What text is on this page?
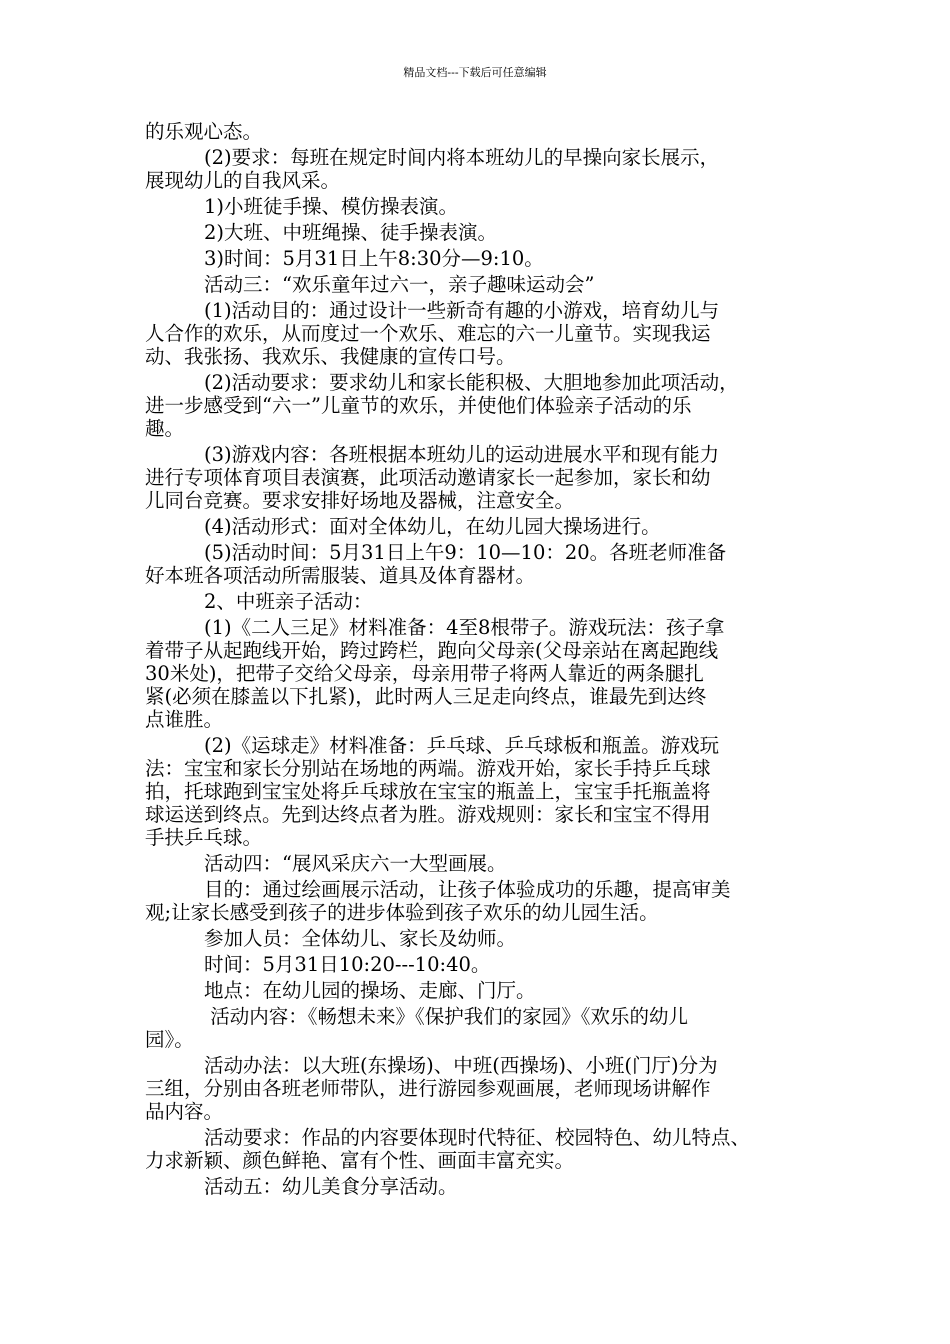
精品文档---下载后可任意编辑
的乐观心态。
(2)要求：每班在规定时间内将本班幼儿的早操向家长展示，
展现幼儿的自我风采。
1)小班徒手操、模仿操表演。
2)大班、中班绳操、徒手操表演。
3)时间：5月31日上午8:30分—9:10。
活动三：“欢乐童年过六一，亲子趣味运动会”
(1)活动目的：通过设计一些新奇有趣的小游戏，培育幼儿与
人合作的欢乐，从而度过一个欢乐、难忘的六一儿童节。实现我运
动、我张扬、我欢乐、我健康的宣传口号。
(2)活动要求：要求幼儿和家长能积极、大胆地参加此项活动，
进一步感受到“六一”儿童节的欢乐，并使他们体验亲子活动的乐
趣。
(3)游戏内容：各班根据本班幼儿的运动进展水平和现有能力
进行专项体育项目表演赛，此项活动邀请家长一起参加，家长和幼
儿同台竞赛。要求安排好场地及器械，注意安全。
(4)活动形式：面对全体幼儿，在幼儿园大操场进行。
(5)活动时间：5月31日上午9：10—10：20。各班老师准备
好本班各项活动所需服装、道具及体育器材。
2、中班亲子活动：
(1)《二人三足》材料准备：4至8根带子。游戏玩法：孩子拿
着带子从起跑线开始，跨过跨栏，跑向父母亲(父母亲站在离起跑线
30米处)，把带子交给父母亲，母亲用带子将两人靠近的两条腿扎
紧(必须在膝盖以下扎紧)，此时两人三足走向终点，谁最先到达终
点谁胜。
(2)《运球走》材料准备：乒乓球、乒乓球板和瓶盖。游戏玩
法：宝宝和家长分别站在场地的两端。游戏开始，家长手持乒乓球
拍，托球跑到宝宝处将乒乓球放在宝宝的瓶盖上，宝宝手托瓶盖将
球运送到终点。先到达终点者为胜。游戏规则：家长和宝宝不得用
手扶乒乓球。
活动四：“展风采庆六一大型画展。
目的：通过绘画展示活动，让孩子体验成功的乐趣，提高审美
观;让家长感受到孩子的进步体验到孩子欢乐的幼儿园生活。
参加人员：全体幼儿、家长及幼师。
时间：5月31日10:20---10:40。
地点：在幼儿园的操场、走廊、门厅。
活动内容：《畅想未来》《保护我们的家园》《欢乐的幼儿
园》。
活动办法：以大班(东操场)、中班(西操场)、小班(门厅)分为
三组，分别由各班老师带队，进行游园参观画展，老师现场讲解作
品内容。
活动要求：作品的内容要体现时代特征、校园特色、幼儿特点、
力求新颖、颜色鲜艳、富有个性、画面丰富充实。
活动五：幼儿美食分享活动。
